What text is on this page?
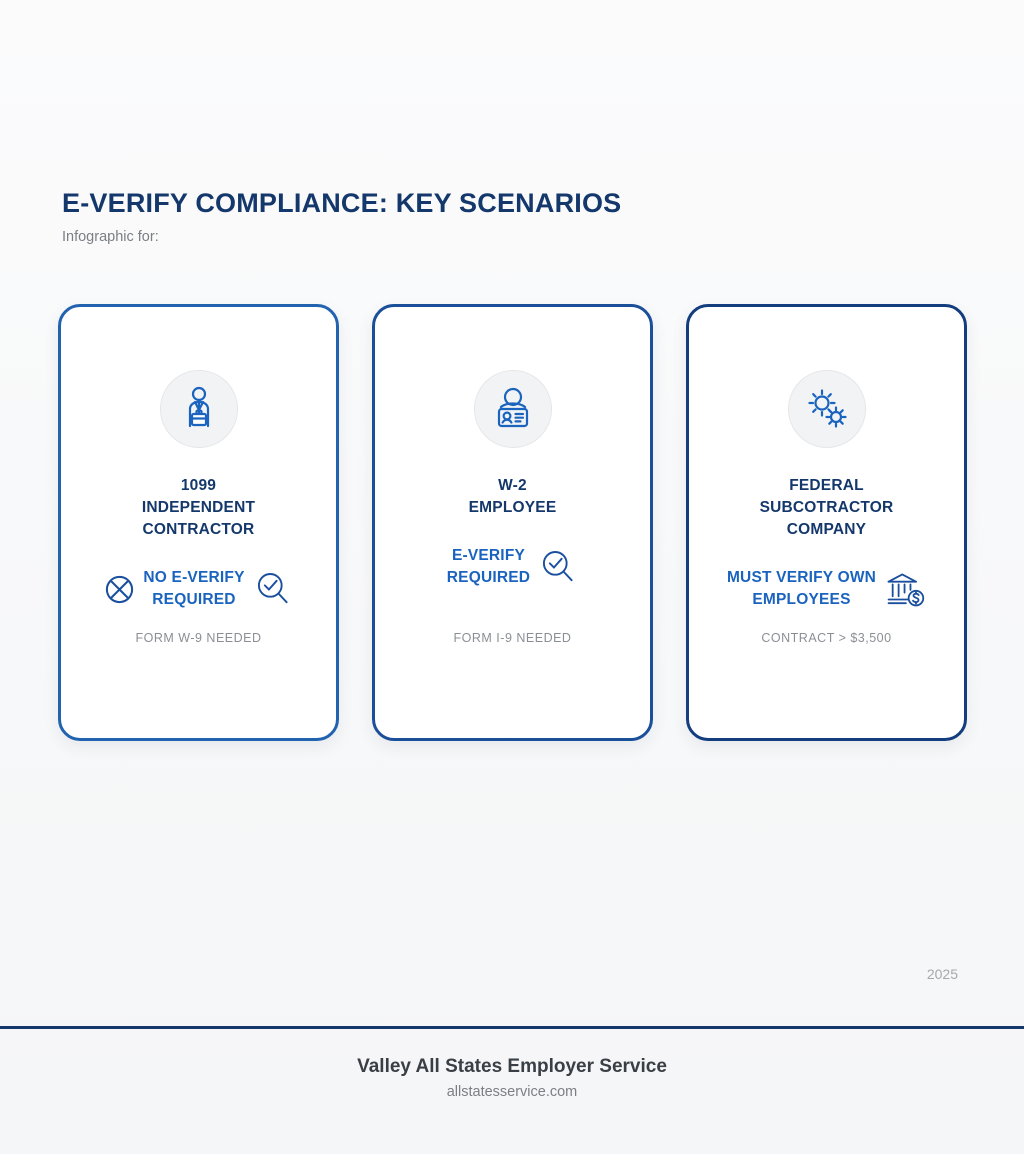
E-VERIFY COMPLIANCE: KEY SCENARIOS
Infographic for:
1099
INDEPENDENT
CONTRACTOR
NO E-VERIFY
REQUIRED
FORM W-9 NEEDED
W-2
EMPLOYEE
E-VERIFY
REQUIRED
FORM I-9 NEEDED
FEDERAL
SUBCOTRACTOR
COMPANY
MUST VERIFY OWN
EMPLOYEES
CONTRACT > $3,500
2025
Valley All States Employer Service
allstatesservice.com
